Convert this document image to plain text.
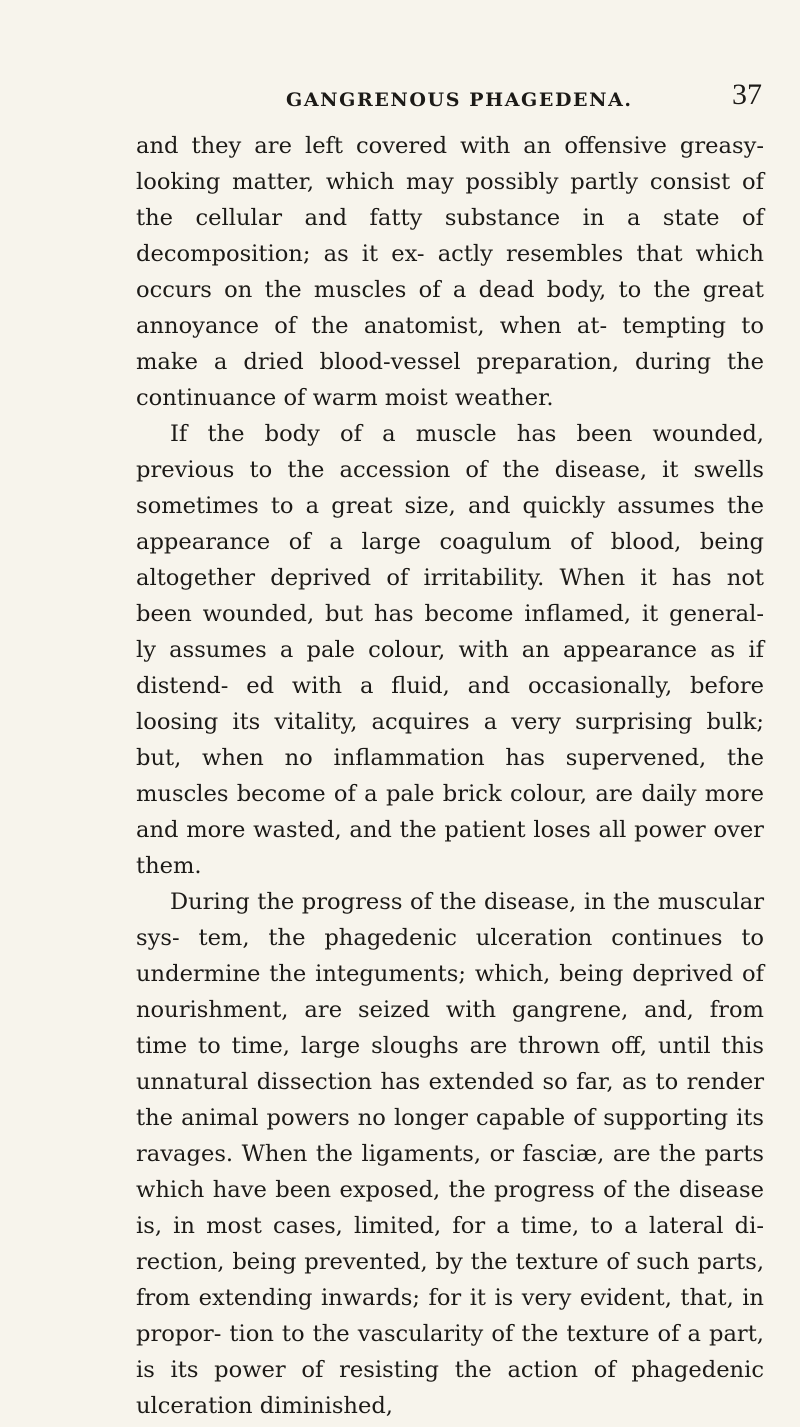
GANGRENOUS PHAGEDENA.	37

and they are left covered with an offensive greasy-looking matter, which may possibly partly consist of the cellular and fatty substance in a state of decomposition; as it ex- actly resembles that which occurs on the muscles of a dead body, to the great annoyance of the anatomist, when at- tempting to make a dried blood-vessel preparation, during the continuance of warm moist weather.

If the body of a muscle has been wounded, previous to the accession of the disease, it swells sometimes to a great size, and quickly assumes the appearance of a large coagulum of blood, being altogether deprived of irritability. When it has not been wounded, but has become inflamed, it general- ly assumes a pale colour, with an appearance as if distend- ed with a fluid, and occasionally, before loosing its vitality, acquires a very surprising bulk; but, when no inflammation has supervened, the muscles become of a pale brick colour, are daily more and more wasted, and the patient loses all power over them.

During the progress of the disease, in the muscular sys- tem, the phagedenic ulceration continues to undermine the integuments; which, being deprived of nourishment, are seized with gangrene, and, from time to time, large sloughs are thrown off, until this unnatural dissection has extended so far, as to render the animal powers no longer capable of supporting its ravages. When the ligaments, or fasciæ, are the parts which have been exposed, the progress of the disease is, in most cases, limited, for a time, to a lateral di- rection, being prevented, by the texture of such parts, from extending inwards; for it is very evident, that, in propor- tion to the vascularity of the texture of a part, is its power of resisting the action of phagedenic ulceration diminished,
